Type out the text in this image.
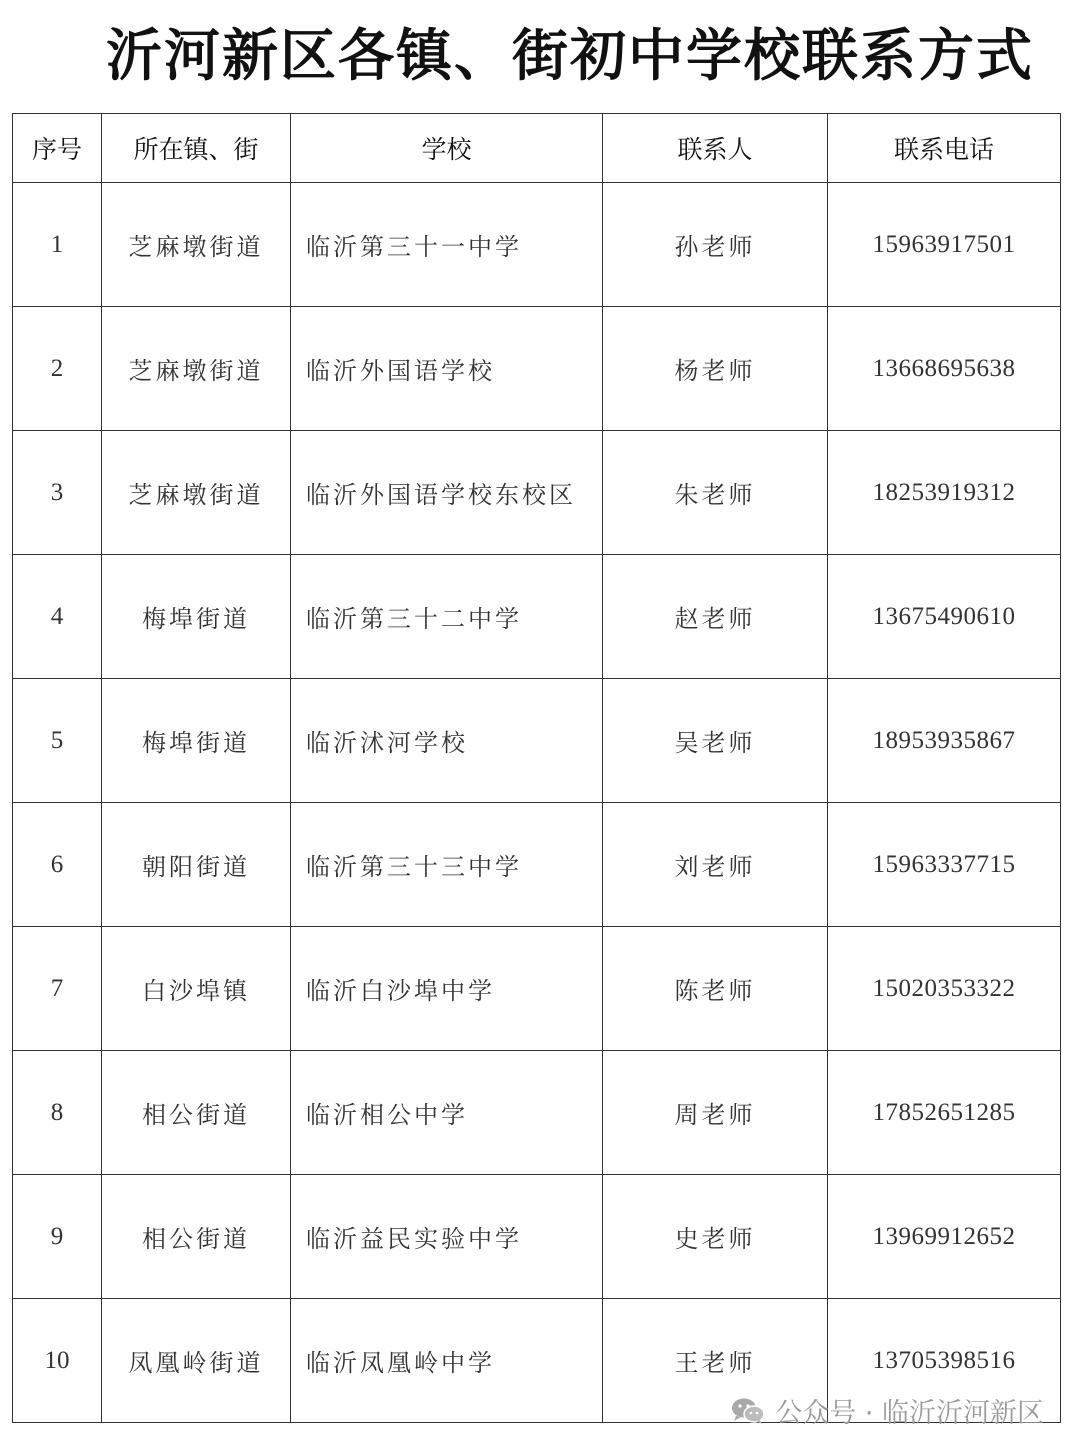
沂河新区各镇、街初中学校联系方式
序号	所在镇、街	学校	联系人	联系电话
1	芝麻墩街道	临沂第三十一中学	孙老师	15963917501
2	芝麻墩街道	临沂外国语学校	杨老师	13668695638
3	芝麻墩街道	临沂外国语学校东校区	朱老师	18253919312
4	梅埠街道	临沂第三十二中学	赵老师	13675490610
5	梅埠街道	临沂沭河学校	吴老师	18953935867
6	朝阳街道	临沂第三十三中学	刘老师	15963337715
7	白沙埠镇	临沂白沙埠中学	陈老师	15020353322
8	相公街道	临沂相公中学	周老师	17852651285
9	相公街道	临沂益民实验中学	史老师	13969912652
10	凤凰岭街道	临沂凤凰岭中学	王老师	13705398516
公众号 · 临沂沂河新区
